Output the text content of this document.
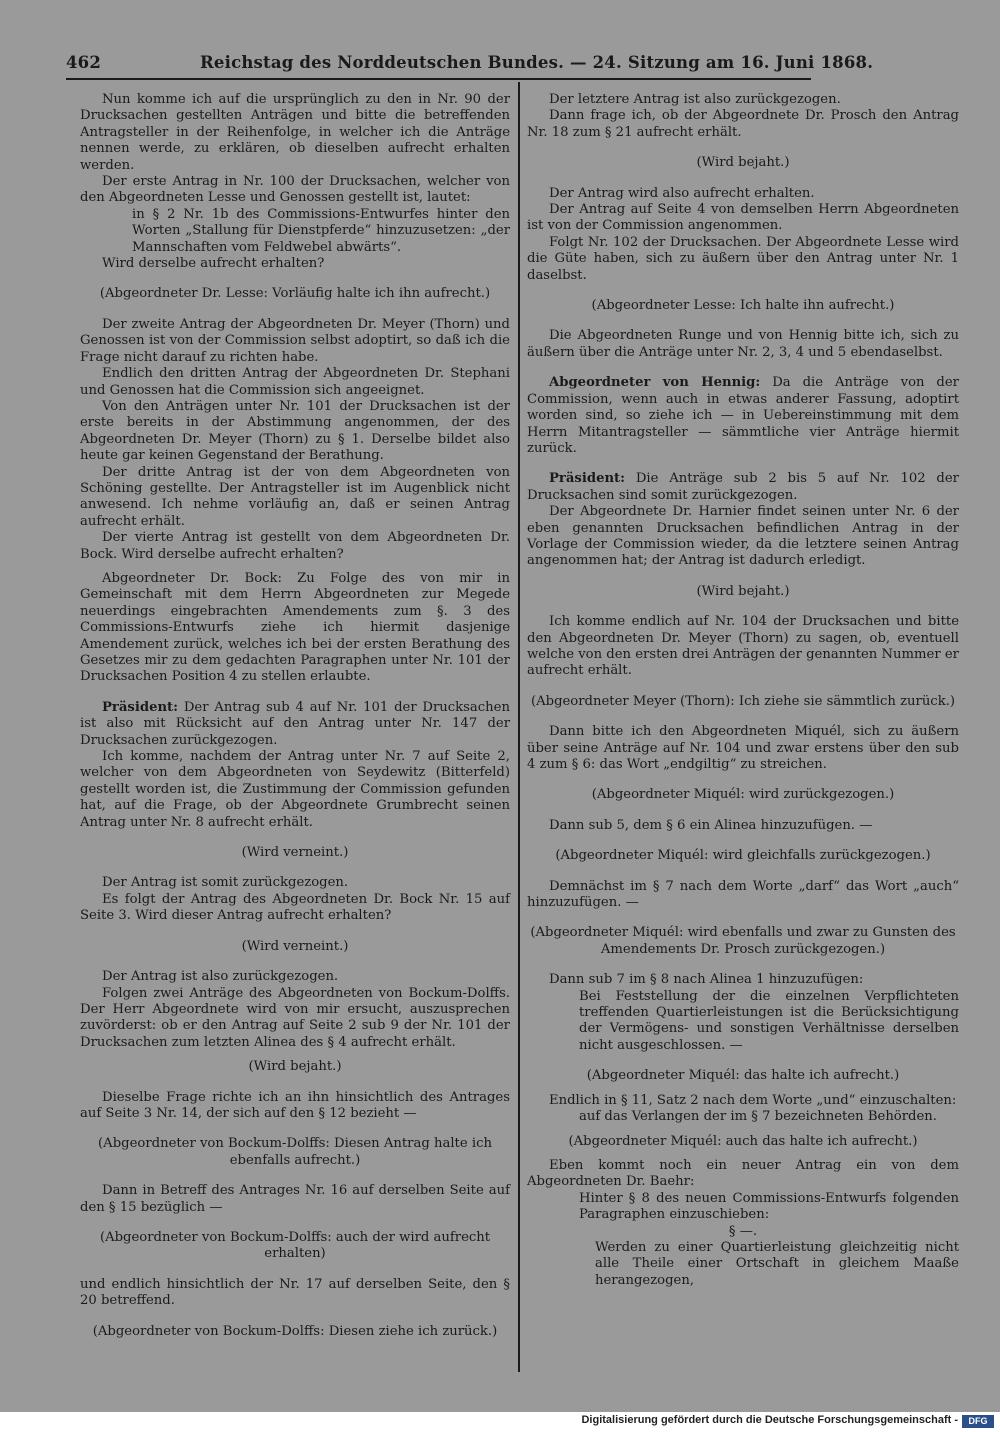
462	Reichstag des Norddeutschen Bundes. — 24. Sitzung am 16. Juni 1868.

Nun komme ich auf die ursprünglich zu den in Nr. 90 der Drucksachen gestellten Anträgen und bitte die betreffenden Antragsteller in der Reihenfolge, in welcher ich die Anträge nennen werde, zu erklären, ob dieselben aufrecht erhalten werden.

Der erste Antrag in Nr. 100 der Drucksachen, welcher von den Abgeordneten Lesse und Genossen gestellt ist, lautet:

in § 2 Nr. 1b des Commissions-Entwurfes hinter den Worten „Stallung für Dienstpferde“ hinzuzusetzen: „der Mannschaften vom Feldwebel abwärts“.

Wird derselbe aufrecht erhalten?

(Abgeordneter Dr. Lesse: Vorläufig halte ich ihn aufrecht.)

Der zweite Antrag der Abgeordneten Dr. Meyer (Thorn) und Genossen ist von der Commission selbst adoptirt, so daß ich die Frage nicht darauf zu richten habe.

Endlich den dritten Antrag der Abgeordneten Dr. Stephani und Genossen hat die Commission sich angeeignet.

Von den Anträgen unter Nr. 101 der Drucksachen ist der erste bereits in der Abstimmung angenommen, der des Abgeordneten Dr. Meyer (Thorn) zu § 1. Derselbe bildet also heute gar keinen Gegenstand der Berathung.

Der dritte Antrag ist der von dem Abgeordneten von Schöning gestellte. Der Antragsteller ist im Augenblick nicht anwesend. Ich nehme vorläufig an, daß er seinen Antrag aufrecht erhält.

Der vierte Antrag ist gestellt von dem Abgeordneten Dr. Bock. Wird derselbe aufrecht erhalten?

Abgeordneter Dr. Bock: Zu Folge des von mir in Gemeinschaft mit dem Herrn Abgeordneten zur Megede neuerdings eingebrachten Amendements zum §. 3 des Commissions-Entwurfs ziehe ich hiermit dasjenige Amendement zurück, welches ich bei der ersten Berathung des Gesetzes mir zu dem gedachten Paragraphen unter Nr. 101 der Drucksachen Position 4 zu stellen erlaubte.

Präsident: Der Antrag sub 4 auf Nr. 101 der Drucksachen ist also mit Rücksicht auf den Antrag unter Nr. 147 der Drucksachen zurückgezogen.

Ich komme, nachdem der Antrag unter Nr. 7 auf Seite 2, welcher von dem Abgeordneten von Seydewitz (Bitterfeld) gestellt worden ist, die Zustimmung der Commission gefunden hat, auf die Frage, ob der Abgeordnete Grumbrecht seinen Antrag unter Nr. 8 aufrecht erhält.

(Wird verneint.)

Der Antrag ist somit zurückgezogen.

Es folgt der Antrag des Abgeordneten Dr. Bock Nr. 15 auf Seite 3. Wird dieser Antrag aufrecht erhalten?

(Wird verneint.)

Der Antrag ist also zurückgezogen.

Folgen zwei Anträge des Abgeordneten von Bockum-Dolffs. Der Herr Abgeordnete wird von mir ersucht, auszusprechen zuvörderst: ob er den Antrag auf Seite 2 sub 9 der Nr. 101 der Drucksachen zum letzten Alinea des § 4 aufrecht erhält.

(Wird bejaht.)

Dieselbe Frage richte ich an ihn hinsichtlich des Antrages auf Seite 3 Nr. 14, der sich auf den § 12 bezieht —

(Abgeordneter von Bockum-Dolffs: Diesen Antrag halte ich ebenfalls aufrecht.)

Dann in Betreff des Antrages Nr. 16 auf derselben Seite auf den § 15 bezüglich —

(Abgeordneter von Bockum-Dolffs: auch der wird aufrecht erhalten)

und endlich hinsichtlich der Nr. 17 auf derselben Seite, den § 20 betreffend.

(Abgeordneter von Bockum-Dolffs: Diesen ziehe ich zurück.)

Der letztere Antrag ist also zurückgezogen.

Dann frage ich, ob der Abgeordnete Dr. Prosch den Antrag Nr. 18 zum § 21 aufrecht erhält.

(Wird bejaht.)

Der Antrag wird also aufrecht erhalten.

Der Antrag auf Seite 4 von demselben Herrn Abgeordneten ist von der Commission angenommen.

Folgt Nr. 102 der Drucksachen. Der Abgeordnete Lesse wird die Güte haben, sich zu äußern über den Antrag unter Nr. 1 daselbst.

(Abgeordneter Lesse: Ich halte ihn aufrecht.)

Die Abgeordneten Runge und von Hennig bitte ich, sich zu äußern über die Anträge unter Nr. 2, 3, 4 und 5 ebendaselbst.

Abgeordneter von Hennig: Da die Anträge von der Commission, wenn auch in etwas anderer Fassung, adoptirt worden sind, so ziehe ich — in Uebereinstimmung mit dem Herrn Mitantragsteller — sämmtliche vier Anträge hiermit zurück.

Präsident: Die Anträge sub 2 bis 5 auf Nr. 102 der Drucksachen sind somit zurückgezogen.

Der Abgeordnete Dr. Harnier findet seinen unter Nr. 6 der eben genannten Drucksachen befindlichen Antrag in der Vorlage der Commission wieder, da die letztere seinen Antrag angenommen hat; der Antrag ist dadurch erledigt.

(Wird bejaht.)

Ich komme endlich auf Nr. 104 der Drucksachen und bitte den Abgeordneten Dr. Meyer (Thorn) zu sagen, ob, eventuell welche von den ersten drei Anträgen der genannten Nummer er aufrecht erhält.

(Abgeordneter Meyer (Thorn): Ich ziehe sie sämmtlich zurück.)

Dann bitte ich den Abgeordneten Miquél, sich zu äußern über seine Anträge auf Nr. 104 und zwar erstens über den sub 4 zum § 6: das Wort „endgiltig“ zu streichen.

(Abgeordneter Miquél: wird zurückgezogen.)

Dann sub 5, dem § 6 ein Alinea hinzuzufügen. —

(Abgeordneter Miquél: wird gleichfalls zurückgezogen.)

Demnächst im § 7 nach dem Worte „darf“ das Wort „auch“ hinzuzufügen. —

(Abgeordneter Miquél: wird ebenfalls und zwar zu Gunsten des Amendements Dr. Prosch zurückgezogen.)

Dann sub 7 im § 8 nach Alinea 1 hinzuzufügen:

Bei Feststellung der die einzelnen Verpflichteten treffenden Quartierleistungen ist die Berücksichtigung der Vermögens- und sonstigen Verhältnisse derselben nicht ausgeschlossen. —

(Abgeordneter Miquél: das halte ich aufrecht.)

Endlich in § 11, Satz 2 nach dem Worte „und“ einzuschalten:

auf das Verlangen der im § 7 bezeichneten Behörden.

(Abgeordneter Miquél: auch das halte ich aufrecht.)

Eben kommt noch ein neuer Antrag ein von dem Abgeordneten Dr. Baehr:

Hinter § 8 des neuen Commissions-Entwurfs folgenden Paragraphen einzuschieben:

§ —.

Werden zu einer Quartierleistung gleichzeitig nicht alle Theile einer Ortschaft in gleichem Maaße herangezogen,

Digitalisierung gefördert durch die Deutsche Forschungsgemeinschaft -	DFG
